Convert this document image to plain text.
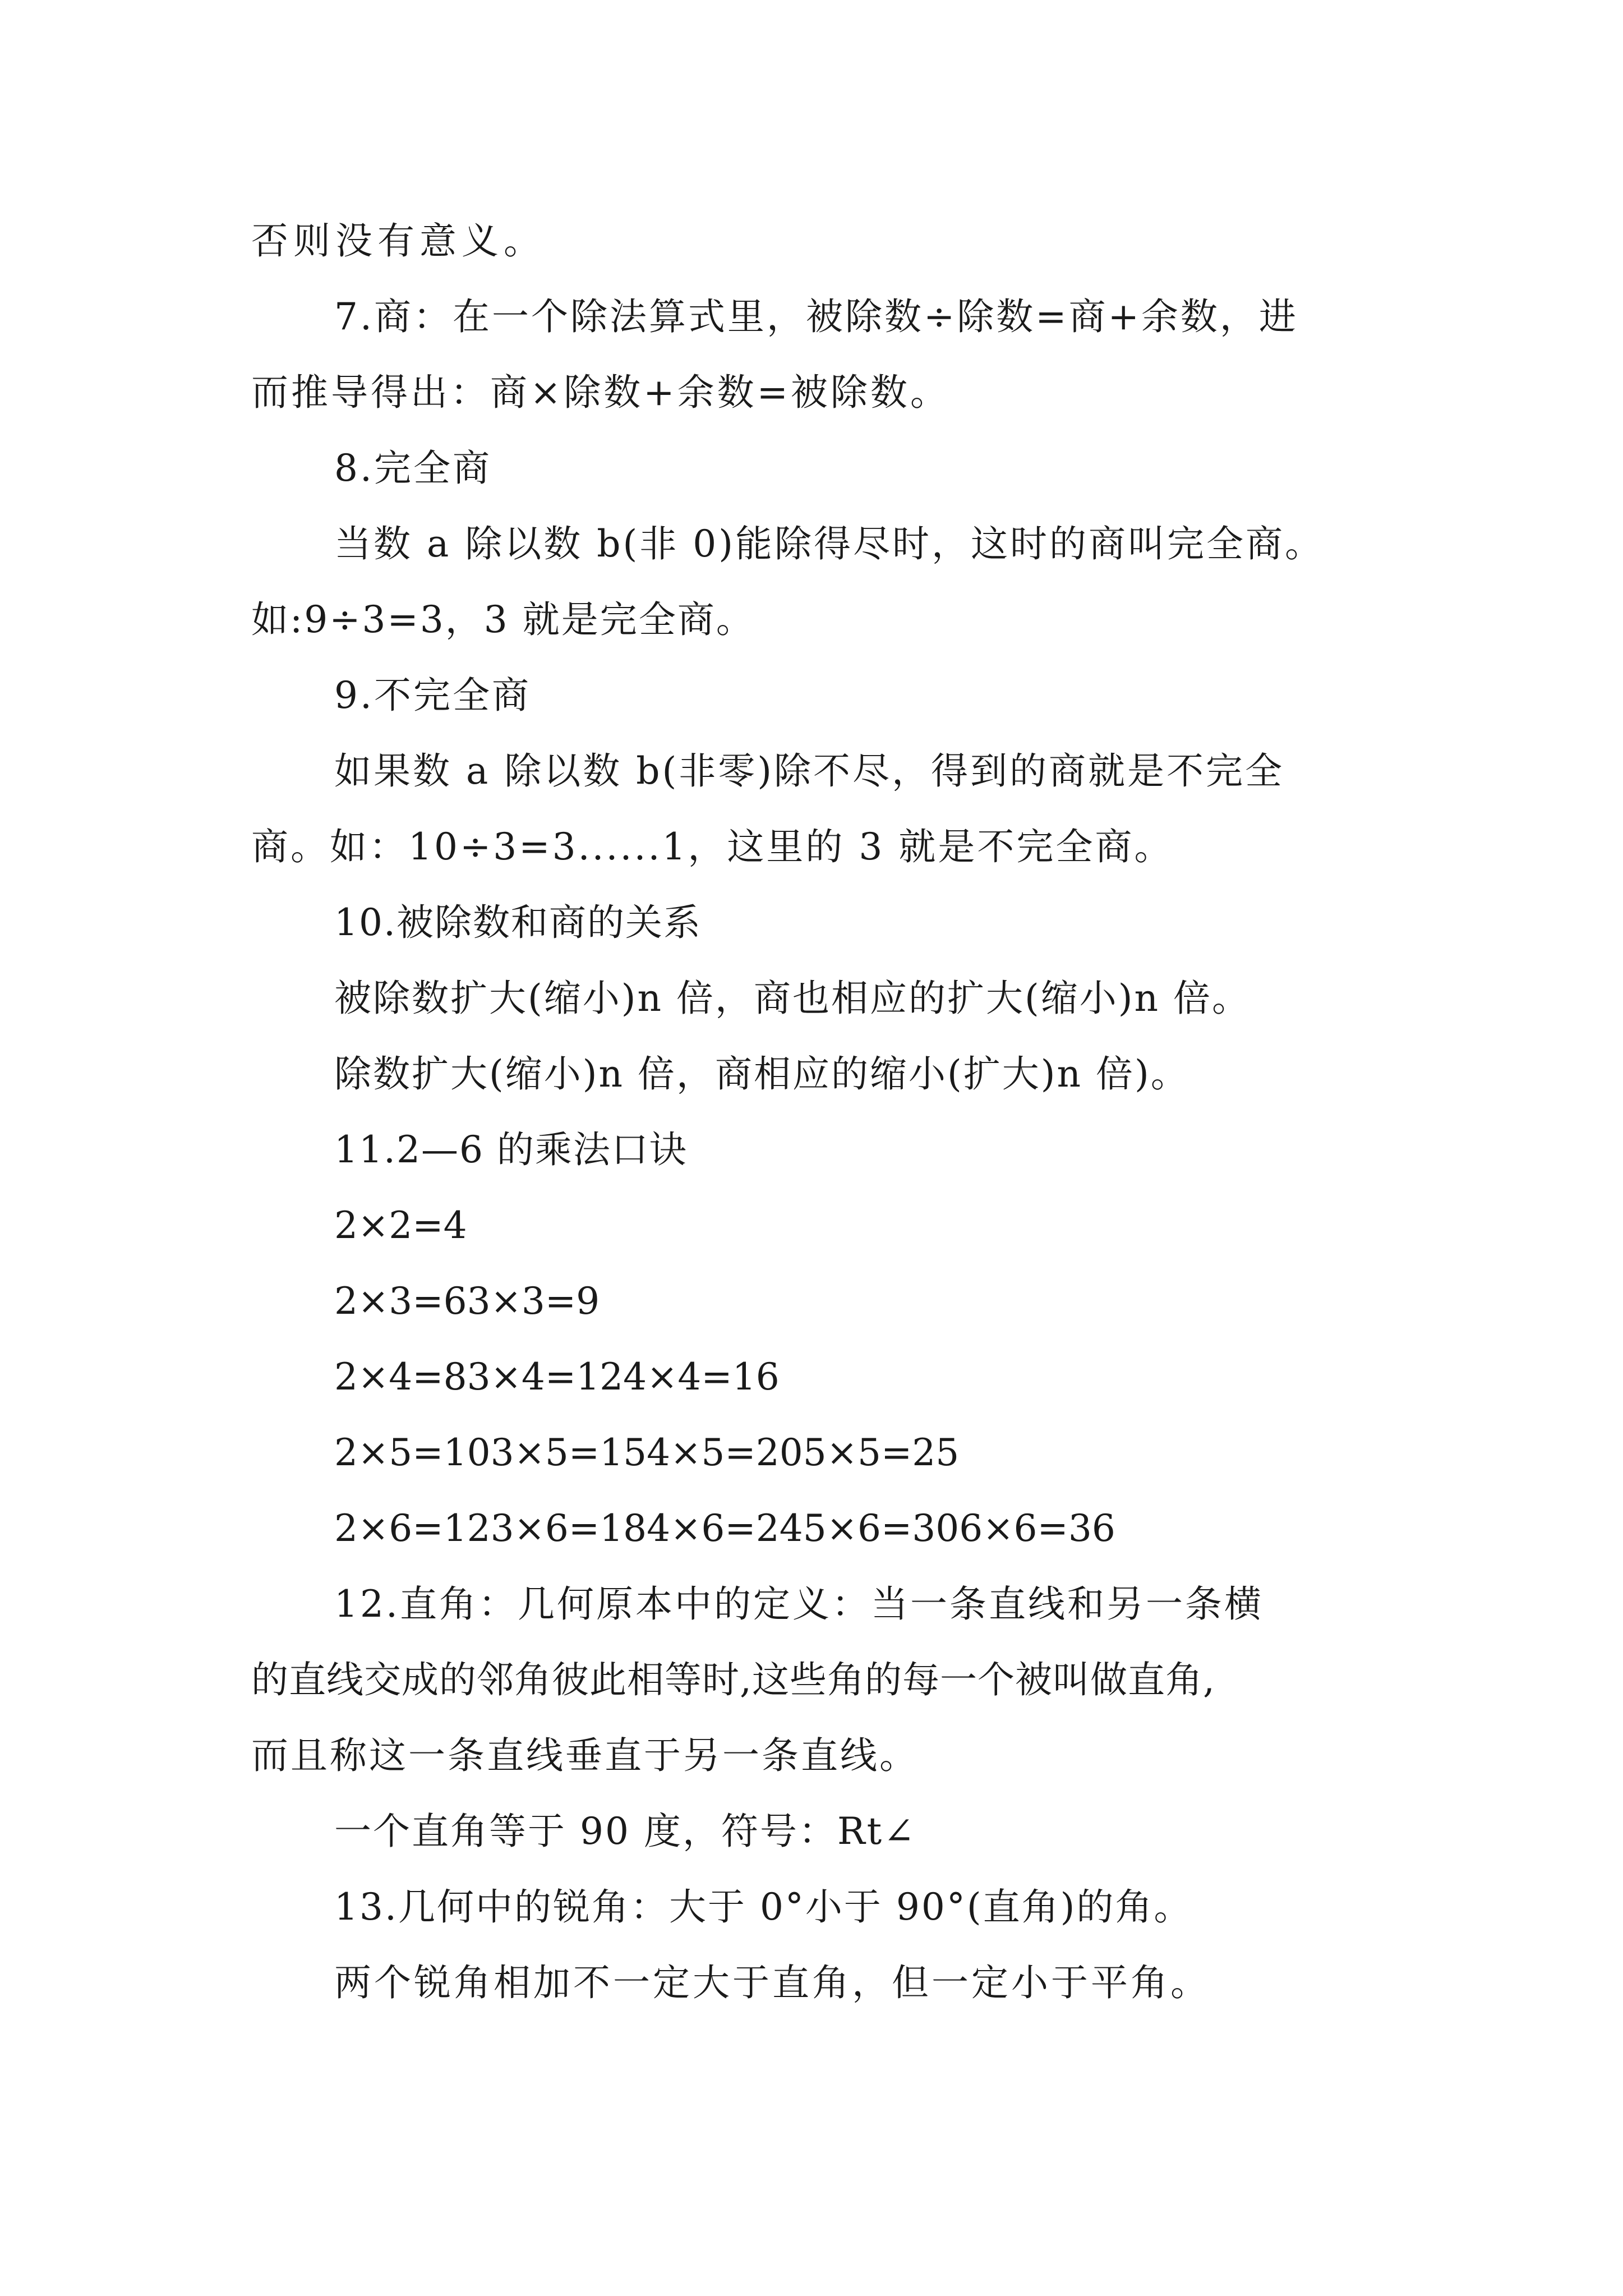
否则没有意义。
7.商：在一个除法算式里，被除数÷除数=商+余数，进
而推导得出：商×除数+余数=被除数。
8.完全商
当数 a 除以数 b(非 0)能除得尽时，这时的商叫完全商。
如:9÷3=3，3 就是完全商。
9.不完全商
如果数 a 除以数 b(非零)除不尽，得到的商就是不完全
商。如：10÷3=3......1，这里的 3 就是不完全商。
10.被除数和商的关系
被除数扩大(缩小)n 倍，商也相应的扩大(缩小)n 倍。
除数扩大(缩小)n 倍，商相应的缩小(扩大)n 倍)。
11.2—6 的乘法口诀
2×2=4
2×3=63×3=9
2×4=83×4=124×4=16
2×5=103×5=154×5=205×5=25
2×6=123×6=184×6=245×6=306×6=36
12.直角：几何原本中的定义：当一条直线和另一条横
的直线交成的邻角彼此相等时,这些角的每一个被叫做直角,
而且称这一条直线垂直于另一条直线。
一个直角等于 90 度，符号：Rt∠
13.几何中的锐角：大于 0°小于 90°(直角)的角。
两个锐角相加不一定大于直角，但一定小于平角。
